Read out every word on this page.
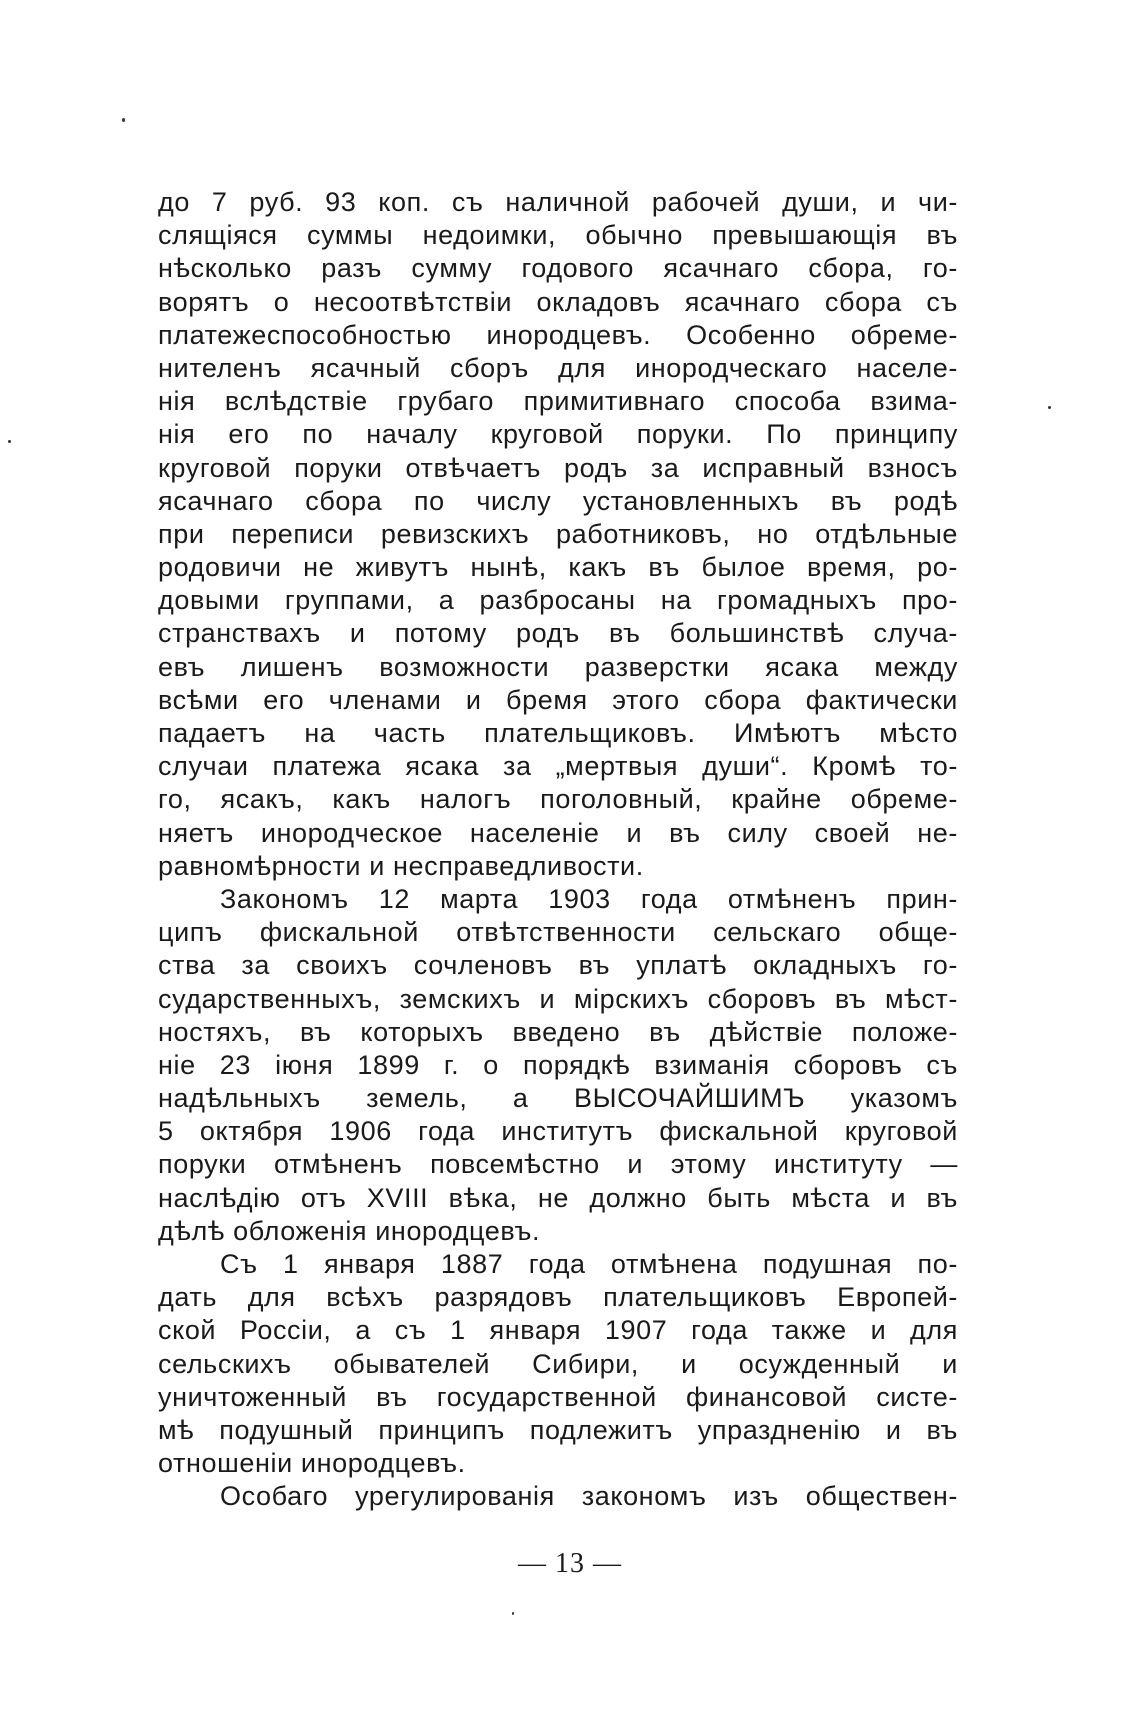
до 7 руб. 93 коп. съ наличной рабочей души, и чи-
слящіяся суммы недоимки, обычно превышающія въ
нѣсколько разъ сумму годового ясачнаго сбора, го-
ворятъ о несоотвѣтствіи окладовъ ясачнаго сбора съ
платежеспособностью инородцевъ. Особенно обреме-
нителенъ ясачный сборъ для инородческаго населе-
нія вслѣдствіе грубаго примитивнаго способа взима-
нія его по началу круговой поруки. По принципу
круговой поруки отвѣчаетъ родъ за исправный взносъ
ясачнаго сбора по числу установленныхъ въ родѣ
при переписи ревизскихъ работниковъ, но отдѣльные
родовичи не живутъ нынѣ, какъ въ былое время, ро-
довыми группами, а разбросаны на громадныхъ про-
странствахъ и потому родъ въ большинствѣ случа-
евъ лишенъ возможности разверстки ясака между
всѣми его членами и бремя этого сбора фактически
падаетъ на часть плательщиковъ. Имѣютъ мѣсто
случаи платежа ясака за „мертвыя души“. Кромѣ то-
го, ясакъ, какъ налогъ поголовный, крайне обреме-
няетъ инородческое населеніе и въ силу своей не-
равномѣрности и несправедливости.
Закономъ 12 марта 1903 года отмѣненъ прин-
ципъ фискальной отвѣтственности сельскаго обще-
ства за своихъ сочленовъ въ уплатѣ окладныхъ го-
сударственныхъ, земскихъ и мірскихъ сборовъ въ мѣст-
ностяхъ, въ которыхъ введено въ дѣйствіе положе-
ніе 23 іюня 1899 г. о порядкѣ взиманія сборовъ съ
надѣльныхъ земель, а ВЫСОЧАЙШИМЪ указомъ
5 октября 1906 года институтъ фискальной круговой
поруки отмѣненъ повсемѣстно и этому институту —
наслѣдію отъ XVIII вѣка, не должно быть мѣста и въ
дѣлѣ обложенія инородцевъ.
Съ 1 января 1887 года отмѣнена подушная по-
дать для всѣхъ разрядовъ плательщиковъ Европей-
ской Россіи, а съ 1 января 1907 года также и для
сельскихъ обывателей Сибири, и осужденный и
уничтоженный въ государственной финансовой систе-
мѣ подушный принципъ подлежитъ упраздненію и въ
отношеніи инородцевъ.
Особаго урегулированія закономъ изъ обществен-
— 13 —
